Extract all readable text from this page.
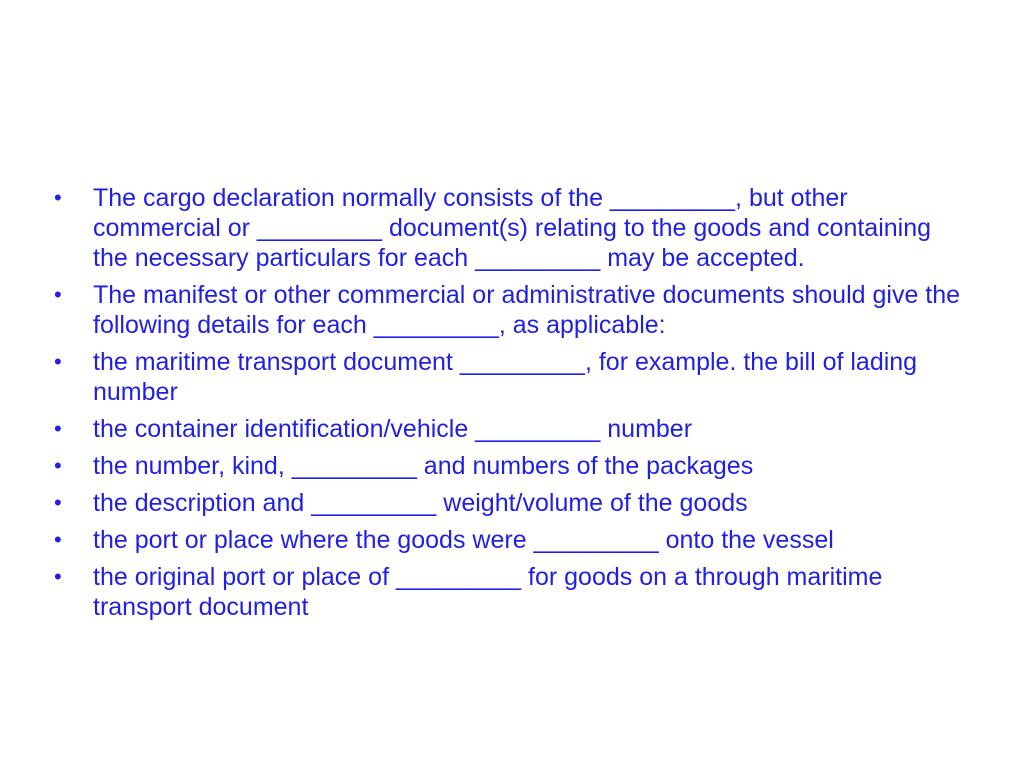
•	The cargo declaration normally consists of the _________, but other commercial or _________ document(s) relating to the goods and containing the necessary particulars for each _________ may be accepted.
•	The manifest or other commercial or administrative documents should give the following details for each _________, as applicable:
•	the maritime transport document _________, for example. the bill of lading number
•	the container identification/vehicle _________ number
•	the number, kind, _________ and numbers of the packages
•	the description and _________ weight/volume of the goods
•	the port or place where the goods were _________ onto the vessel
•	the original port or place of _________ for goods on a through maritime transport document
